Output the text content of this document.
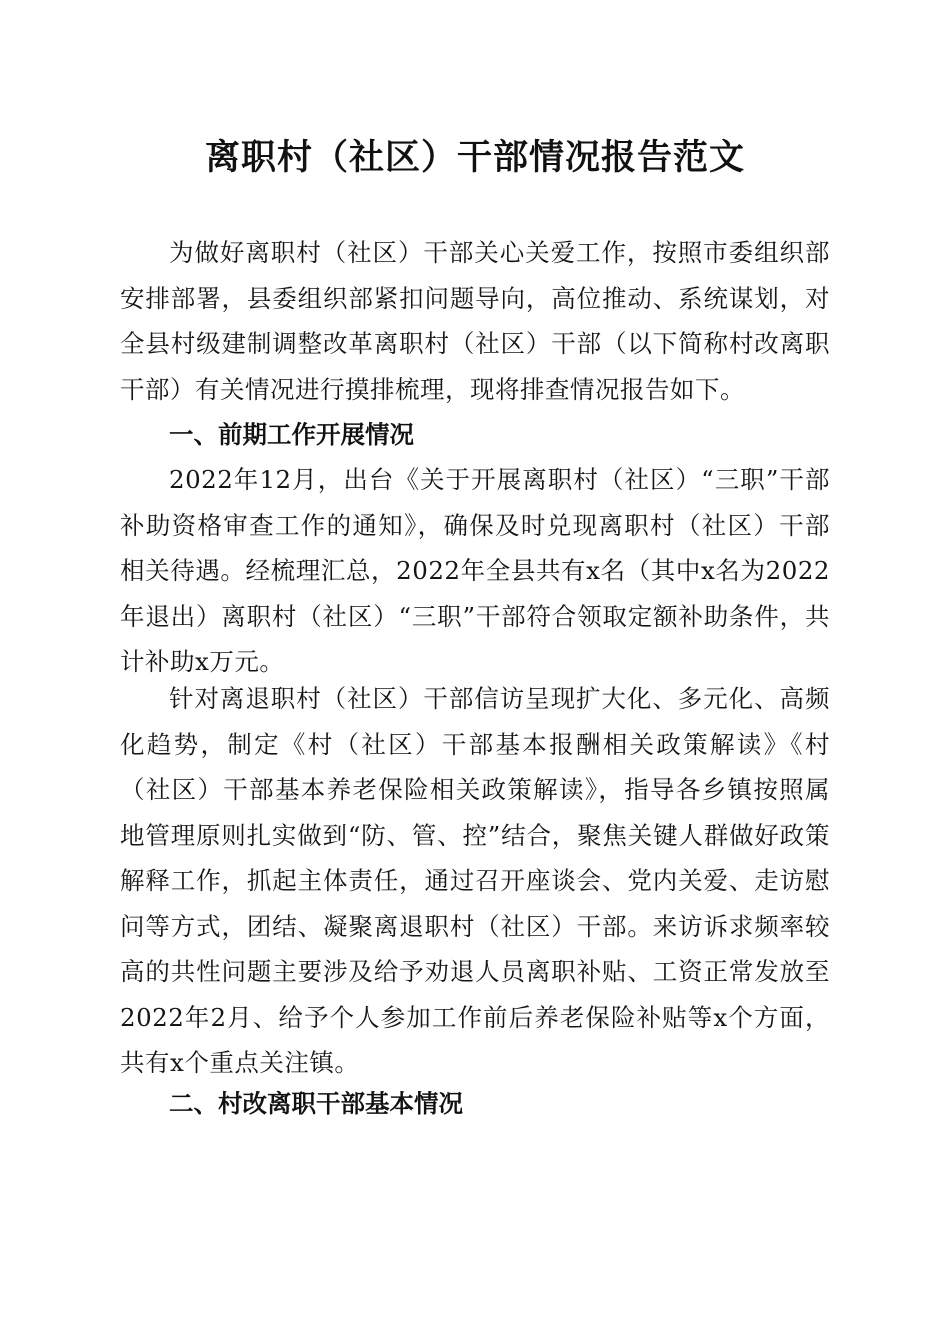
离职村（社区）干部情况报告范文

为做好离职村（社区）干部关心关爱工作，按照市委组织部安排部署，县委组织部紧扣问题导向，高位推动、系统谋划，对全县村级建制调整改革离职村（社区）干部（以下简称村改离职干部）有关情况进行摸排梳理，现将排查情况报告如下。

一、前期工作开展情况

2022年12月，出台《关于开展离职村（社区）“三职”干部补助资格审查工作的通知》，确保及时兑现离职村（社区）干部相关待遇。经梳理汇总，2022年全县共有x名（其中x名为2022年退出）离职村（社区）“三职”干部符合领取定额补助条件，共计补助x万元。

针对离退职村（社区）干部信访呈现扩大化、多元化、高频化趋势，制定《村（社区）干部基本报酬相关政策解读》《村（社区）干部基本养老保险相关政策解读》，指导各乡镇按照属地管理原则扎实做到“防、管、控”结合，聚焦关键人群做好政策解释工作，抓起主体责任，通过召开座谈会、党内关爱、走访慰问等方式，团结、凝聚离退职村（社区）干部。来访诉求频率较高的共性问题主要涉及给予劝退人员离职补贴、工资正常发放至2022年2月、给予个人参加工作前后养老保险补贴等x个方面，共有x个重点关注镇。

二、村改离职干部基本情况
